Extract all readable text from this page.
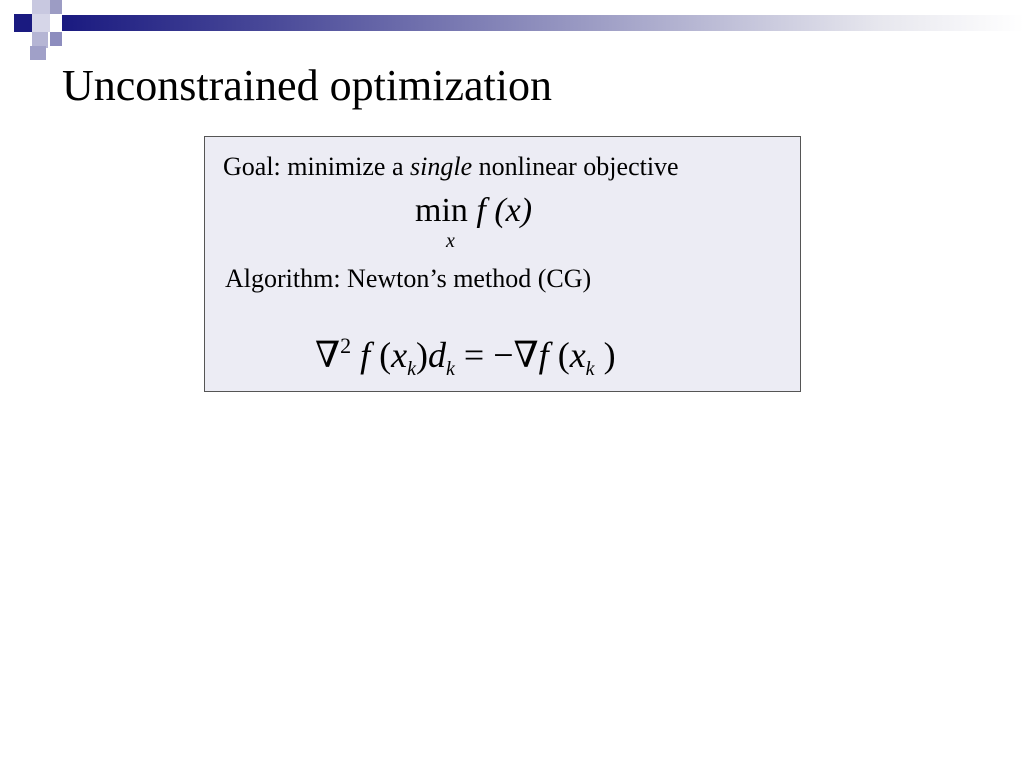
Unconstrained optimization
Goal: minimize a single nonlinear objective
min f (x)
x
Algorithm: Newton’s method (CG)
∇$^2$ f $(x_k)d_k = -\nabla f$ ($x_k$ )
